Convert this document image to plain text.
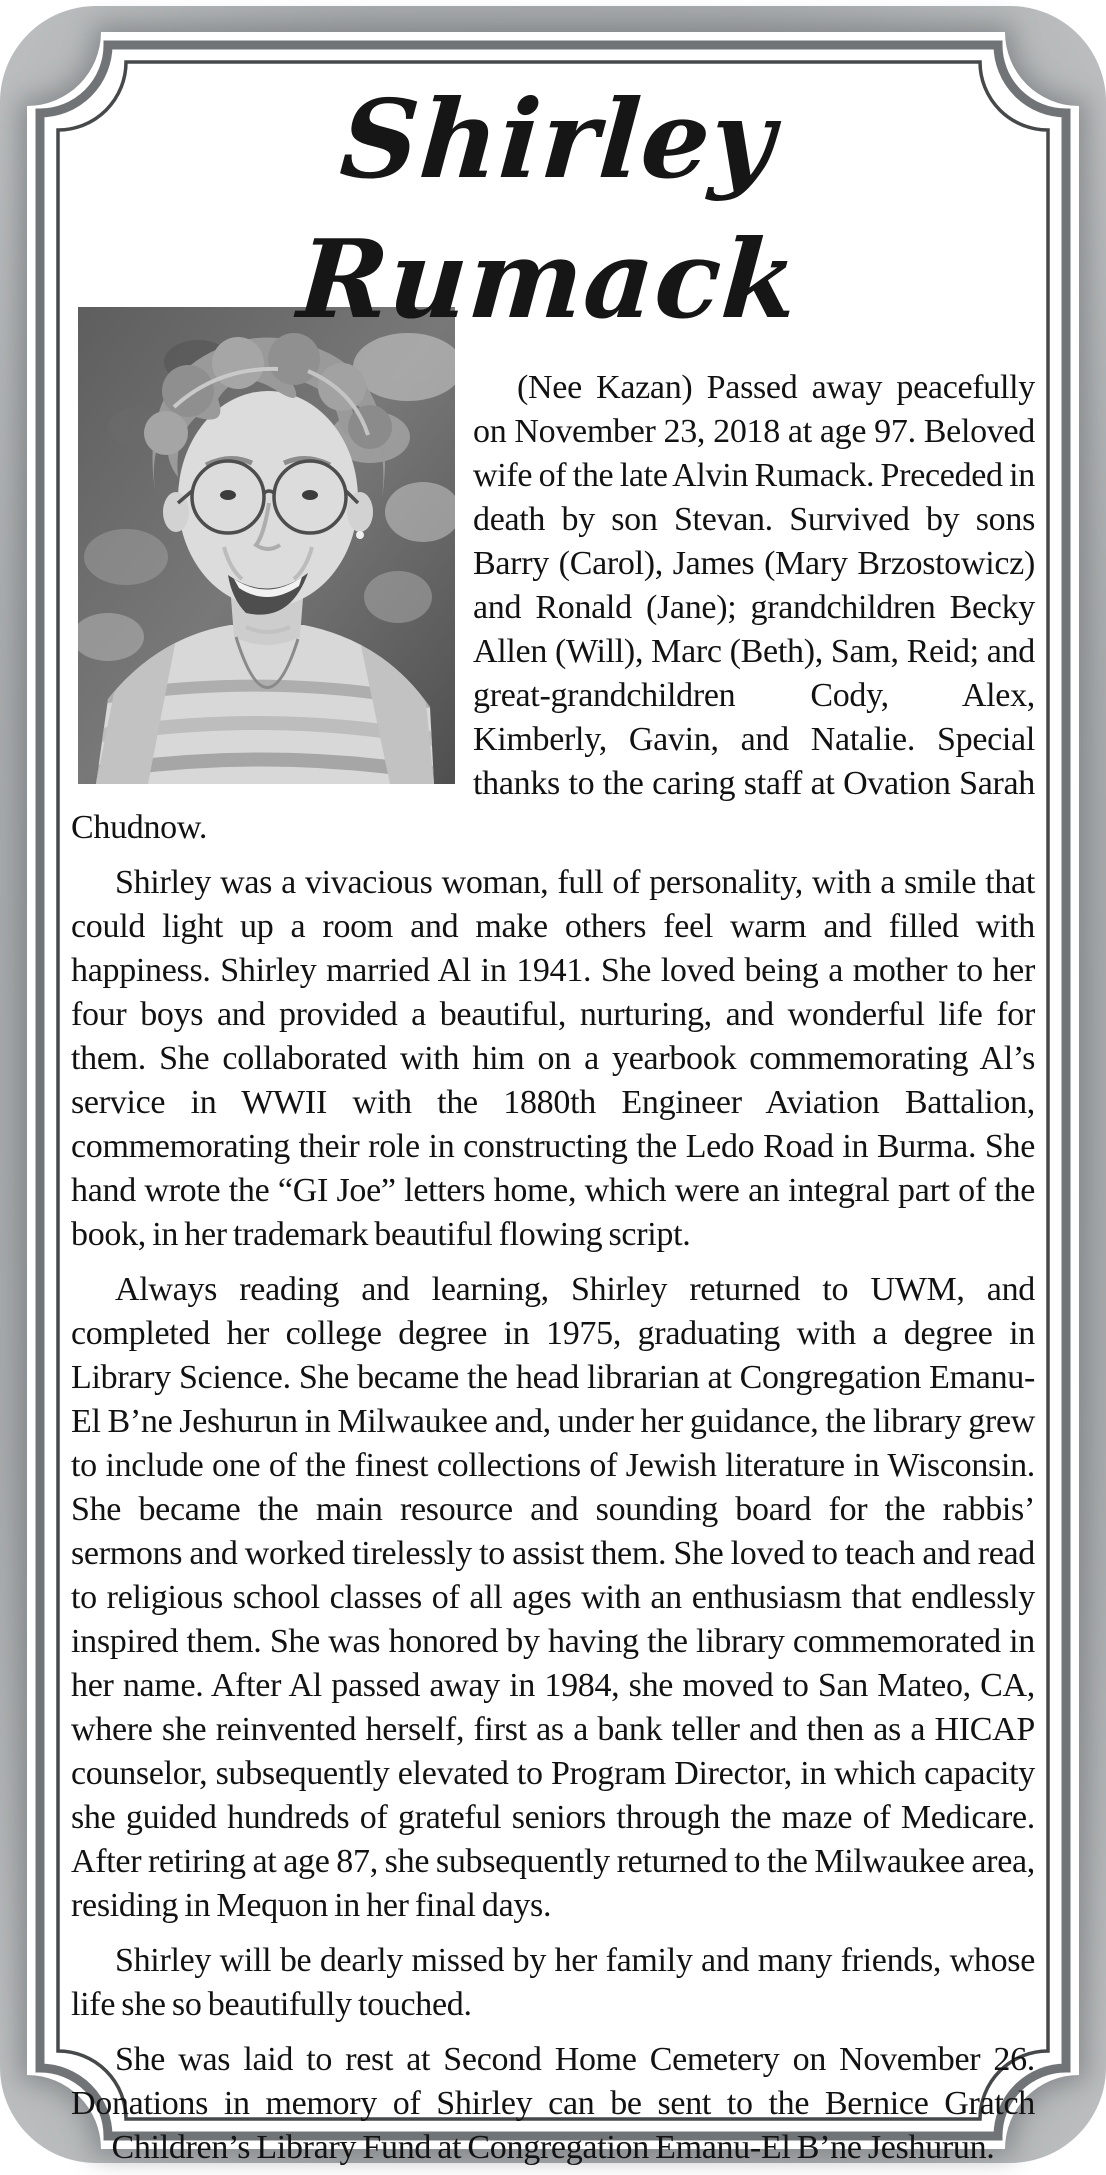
Shirley Rumack

(Nee Kazan) Passed away peacefully on November 23, 2018 at age 97. Beloved wife of the late Alvin Rumack. Preceded in death by son Stevan. Survived by sons Barry (Carol), James (Mary Brzostowicz) and Ronald (Jane); grandchildren Becky Allen (Will), Marc (Beth), Sam, Reid; and great-grandchildren Cody, Alex, Kimberly, Gavin, and Natalie. Special thanks to the caring staff at Ovation Sarah Chudnow.

Shirley was a vivacious woman, full of personality, with a smile that could light up a room and make others feel warm and filled with happiness. Shirley married Al in 1941. She loved being a mother to her four boys and provided a beautiful, nurturing, and wonderful life for them. She collaborated with him on a yearbook commemorating Al’s service in WWII with the 1880th Engineer Aviation Battalion, commemorating their role in constructing the Ledo Road in Burma. She hand wrote the “GI Joe” letters home, which were an integral part of the book, in her trademark beautiful flowing script.

Always reading and learning, Shirley returned to UWM, and completed her college degree in 1975, graduating with a degree in Library Science. She became the head librarian at Congregation Emanu-El B’ne Jeshurun in Milwaukee and, under her guidance, the library grew to include one of the finest collections of Jewish literature in Wisconsin. She became the main resource and sounding board for the rabbis’ sermons and worked tirelessly to assist them. She loved to teach and read to religious school classes of all ages with an enthusiasm that endlessly inspired them. She was honored by having the library commemorated in her name. After Al passed away in 1984, she moved to San Mateo, CA, where she reinvented herself, first as a bank teller and then as a HICAP counselor, subsequently elevated to Program Director, in which capacity she guided hundreds of grateful seniors through the maze of Medicare. After retiring at age 87, she subsequently returned to the Milwaukee area, residing in Mequon in her final days.

Shirley will be dearly missed by her family and many friends, whose life she so beautifully touched.

She was laid to rest at Second Home Cemetery on November 26. Donations in memory of Shirley can be sent to the Bernice Gratch Children’s Library Fund at Congregation Emanu-El B’ne Jeshurun.
